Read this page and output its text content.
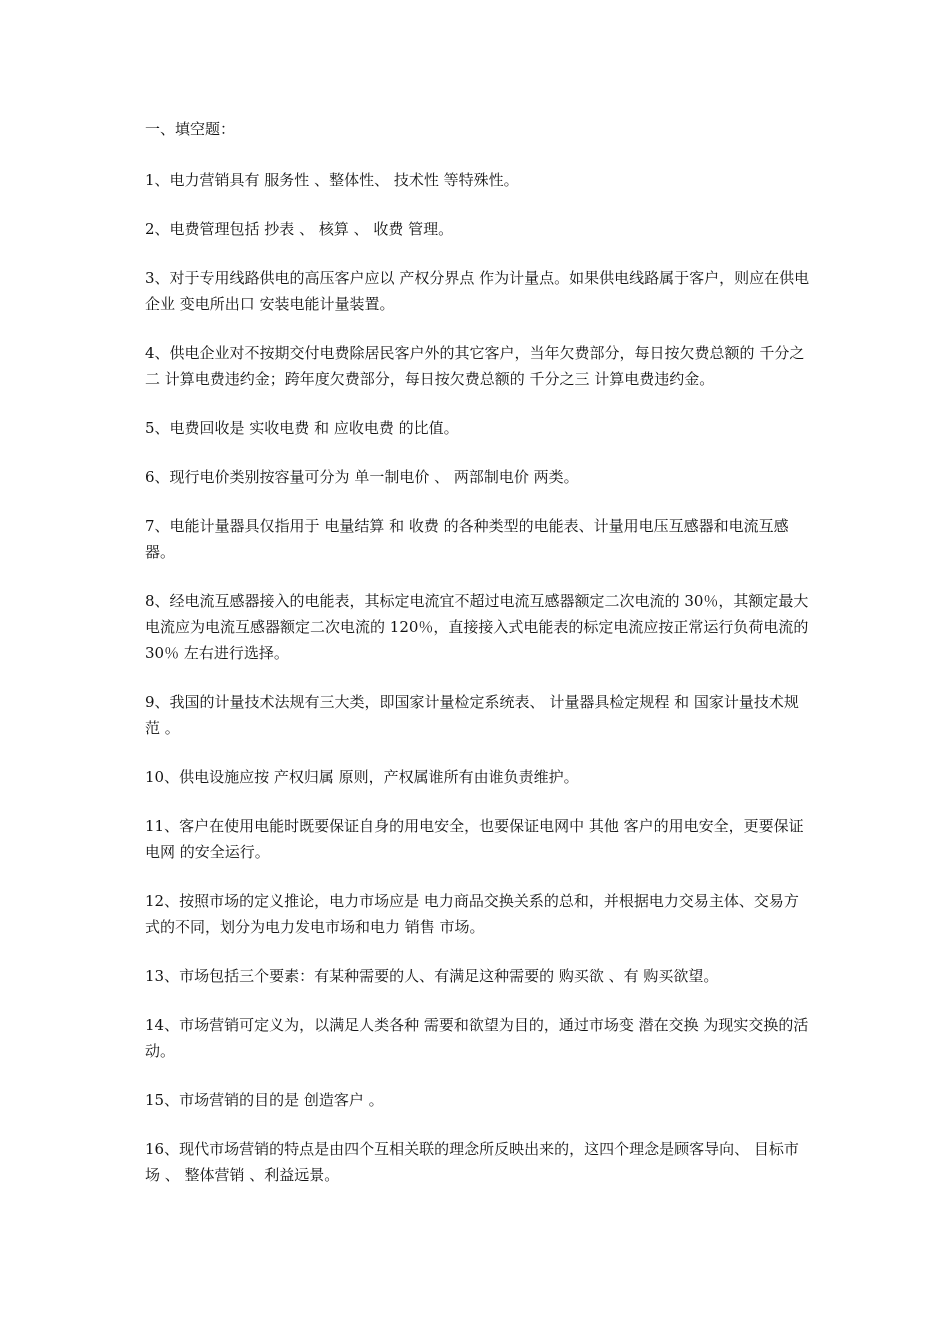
一、填空题：
1、电力营销具有 服务性 、整体性、 技术性 等特殊性。
2、电费管理包括 抄表 、 核算 、 收费 管理。
3、对于专用线路供电的高压客户应以 产权分界点 作为计量点。如果供电线路属于客户，则应在供电企业 变电所出口 安装电能计量装置。
4、供电企业对不按期交付电费除居民客户外的其它客户，当年欠费部分，每日按欠费总额的 千分之二 计算电费违约金；跨年度欠费部分，每日按欠费总额的 千分之三 计算电费违约金。
5、电费回收是 实收电费 和 应收电费 的比值。
6、现行电价类别按容量可分为 单一制电价 、 两部制电价 两类。
7、电能计量器具仅指用于 电量结算 和 收费 的各种类型的电能表、计量用电压互感器和电流互感器。
8、经电流互感器接入的电能表，其标定电流宜不超过电流互感器额定二次电流的 30％，其额定最大电流应为电流互感器额定二次电流的 120％，直接接入式电能表的标定电流应按正常运行负荷电流的 30％ 左右进行选择。
9、我国的计量技术法规有三大类，即国家计量检定系统表、 计量器具检定规程 和 国家计量技术规范 。
10、供电设施应按 产权归属 原则，产权属谁所有由谁负责维护。
11、客户在使用电能时既要保证自身的用电安全，也要保证电网中 其他 客户的用电安全，更要保证 电网 的安全运行。
12、按照市场的定义推论，电力市场应是 电力商品交换关系的总和，并根据电力交易主体、交易方式的不同，划分为电力发电市场和电力 销售 市场。
13、市场包括三个要素：有某种需要的人、有满足这种需要的 购买欲 、有 购买欲望。
14、市场营销可定义为，以满足人类各种 需要和欲望为目的，通过市场变 潜在交换 为现实交换的活动。
15、市场营销的目的是 创造客户 。
16、现代市场营销的特点是由四个互相关联的理念所反映出来的，这四个理念是顾客导向、 目标市场 、 整体营销 、利益远景。
